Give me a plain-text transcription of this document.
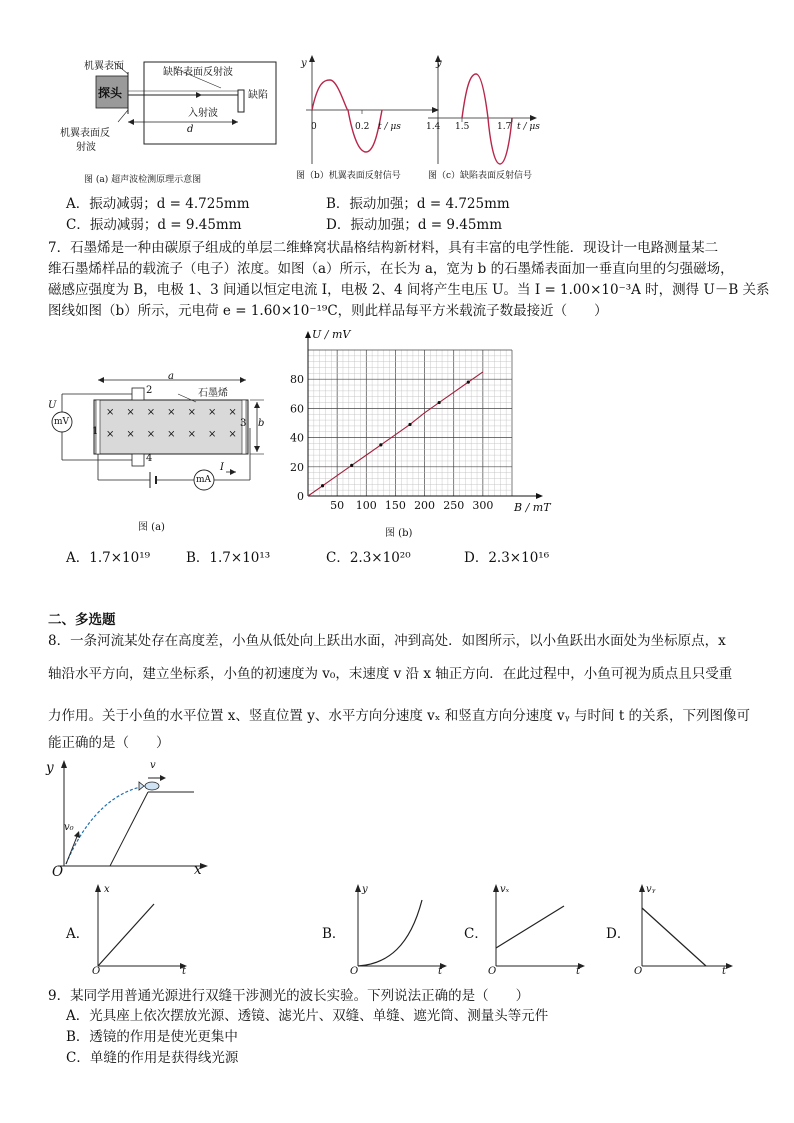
机翼表面
缺陷表面反射波
探头	缺陷
入射波
d
机翼表面反
射波
图 (a) 超声波检测原理示意图
y
0	0.2 t / μs
图（b）机翼表面反射信号
y
1.4 1.5	1.7 t / μs
图（c）缺陷表面反射信号
A．振动减弱；d = 4.725mm	B．振动加强；d = 4.725mm
C．振动减弱；d = 9.45mm	D．振动加强；d = 9.45mm
7．石墨烯是一种由碳原子组成的单层二维蜂窝状晶格结构新材料，具有丰富的电学性能．现设计一电路测量某二
维石墨烯样品的载流子（电子）浓度。如图（a）所示，在长为 a，宽为 b 的石墨烯表面加一垂直向里的匀强磁场，
磁感应强度为 B，电极 1、3 间通以恒定电流 I，电极 2、4 间将产生电压 U。当 I = 1.00×10⁻³A 时，测得 U－B 关系
图线如图（b）所示，元电荷 e = 1.60×10⁻¹⁹C，则此样品每平方米载流子数最接近（　　）
a
石墨烯
2
4
1
3 b
U
mV
mA
I
×××××××
×××××××
图 (a)
50 100 150 200 250 300
0
20
40
60
80
B / mT
U / mV
图 (b)
A．1.7×10¹⁹	B．1.7×10¹³	C．2.3×10²⁰	D．2.3×10¹⁶
二、多选题
8．一条河流某处存在高度差，小鱼从低处向上跃出水面，冲到高处．如图所示，以小鱼跃出水面处为坐标原点，x
轴沿水平方向，建立坐标系，小鱼的初速度为 v₀，末速度 v 沿 x 轴正方向．在此过程中，小鱼可视为质点且只受重
力作用。关于小鱼的水平位置 x、竖直位置 y、水平方向分速度 vₓ 和竖直方向分速度 vᵧ 与时间 t 的关系，下列图像可
能正确的是（　　）
y	v
v₀
O	x
A．
x
O	t
B．
y
O	t
C．
vₓ
O	t
D．
vᵧ
O	t
9．某同学用普通光源进行双缝干涉测光的波长实验。下列说法正确的是（　　）
A．光具座上依次摆放光源、透镜、滤光片、双缝、单缝、遮光筒、测量头等元件
B．透镜的作用是使光更集中
C．单缝的作用是获得线光源
